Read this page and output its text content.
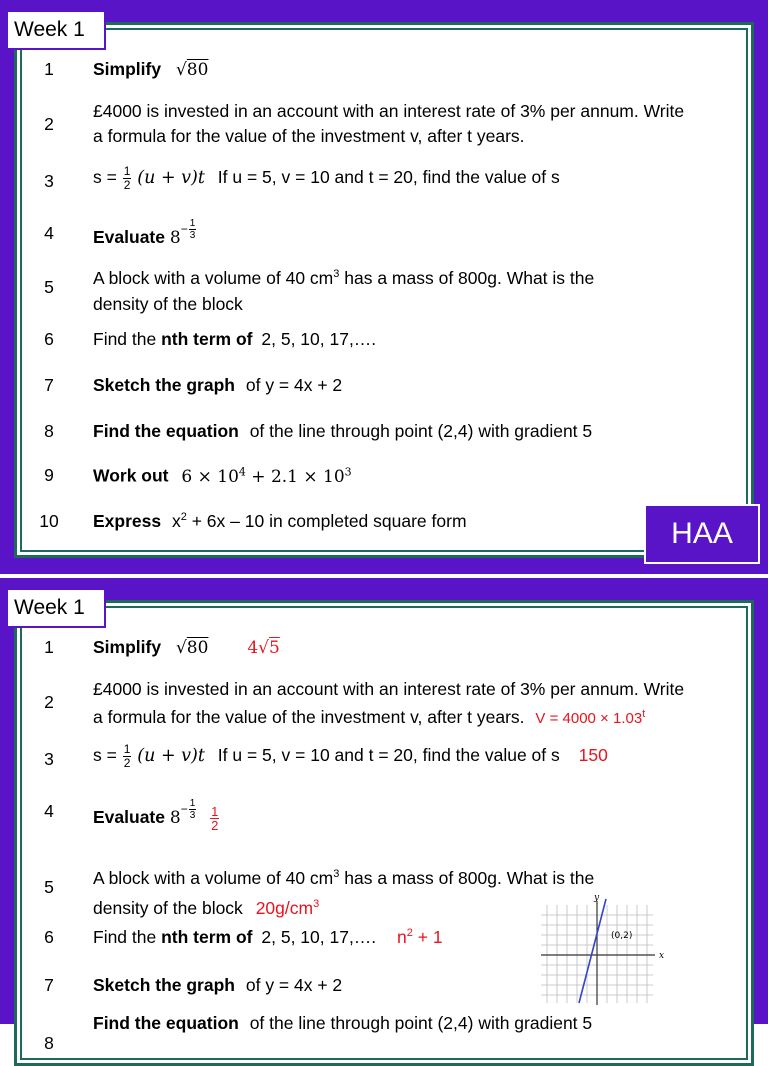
Week 1
1 Simplify √80
2
£4000 is invested in an account with an interest rate of 3% per annum. Write
a formula for the value of the investment v, after t years.
3 $s = \frac{1}{2} (u + v)t$ If u = 5, v = 10 and t = 20, find the value of s
4 Evaluate $8^{- \frac{1}{3}}$
5 A block with a volume of 40 $cm^3$ has a mass of 800g. What is the
density of the block
6 Find the nth term of 2, 5, 10, 17,….
7 Sketch the graph of y = 4x + 2
8 Find the equation of the line through point (2,4) with gradient 5
9 Work out $6 \times 10^4 + 2.1 \times 10^3$
10 Express $x^2 + 6x - 10$ in completed square form	HAA
Week 1
1 Simplify √80 4√5
2
£4000 is invested in an account with an interest rate of 3% per annum. Write
a formula for the value of the investment v, after t years. $V = 4000 \times 1.03^t$
3 $s = \frac{1}{2} (u + v)t$ If u = 5, v = 10 and t = 20, find the value of s 150
4 Evaluate $8^{- \frac{1}{3}}$
$\frac{1}{2}$
5 A block with a volume of 40 $cm^3$ has a mass of 800g. What is the
density of the block $20g/cm^3$
6 Find the nth term of 2, 5, 10, 17,…. $n^2 + 1$
7 Sketch the graph of y = 4x + 2
8
Find the equation of the line through point (2,4) with gradient 5
x
y
(0,2)
